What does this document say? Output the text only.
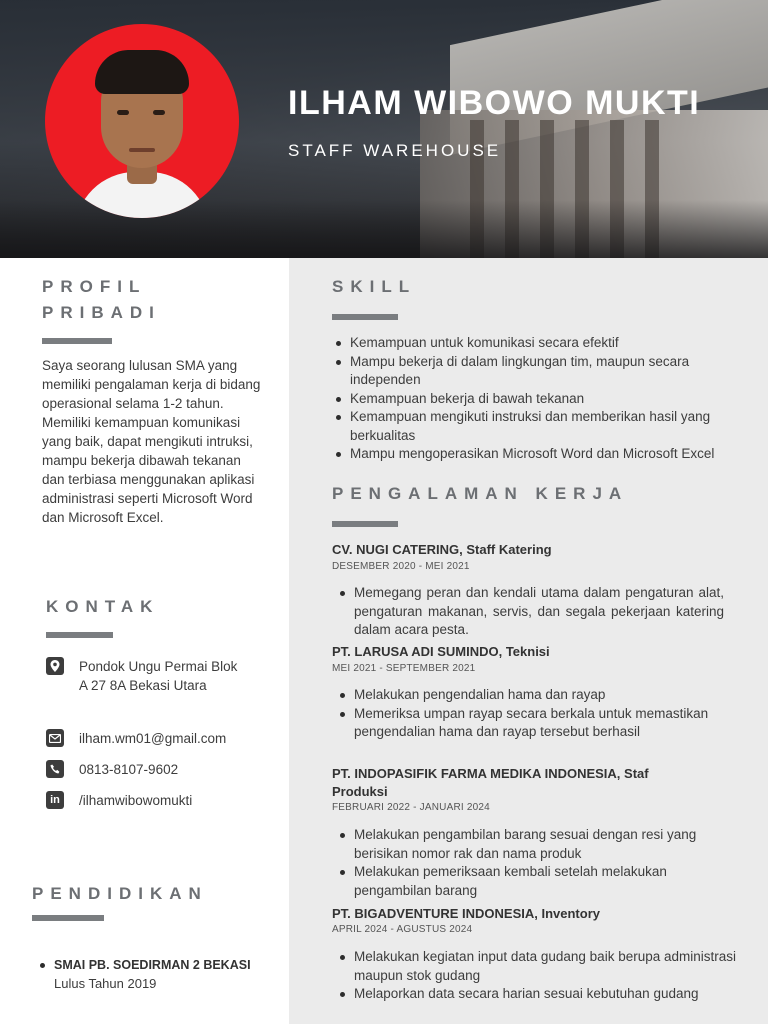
ILHAM WIBOWO MUKTI
STAFF WAREHOUSE
PROFIL
PRIBADI
Saya seorang lulusan SMA yang memiliki pengalaman kerja di bidang operasional selama 1-2 tahun. Memiliki kemampuan komunikasi yang baik, dapat mengikuti intruksi, mampu bekerja dibawah tekanan dan terbiasa menggunakan aplikasi administrasi seperti Microsoft Word dan Microsoft Excel.
KONTAK
Pondok Ungu Permai Blok A 27 8A Bekasi Utara
ilham.wm01@gmail.com
0813-8107-9602
in	/ilhamwibowomukti
PENDIDIKAN
SMAI PB. SOEDIRMAN 2 BEKASI
Lulus Tahun 2019
SKILL
Kemampuan untuk komunikasi secara efektif
Mampu bekerja di dalam lingkungan tim, maupun secara independen
Kemampuan bekerja di bawah tekanan
Kemampuan mengikuti instruksi dan memberikan hasil yang berkualitas
Mampu mengoperasikan Microsoft Word dan Microsoft Excel
PENGALAMAN KERJA
CV. NUGI CATERING, Staff Katering
DESEMBER 2020 - MEI 2021
Memegang peran dan kendali utama dalam pengaturan alat, pengaturan makanan, servis, dan segala pekerjaan katering dalam acara pesta.
PT. LARUSA ADI SUMINDO, Teknisi
MEI 2021 - SEPTEMBER 2021
Melakukan pengendalian hama dan rayap
Memeriksa umpan rayap secara berkala untuk memastikan pengendalian hama dan rayap tersebut berhasil
PT. INDOPASIFIK FARMA MEDIKA INDONESIA, Staf Produksi
FEBRUARI 2022 - JANUARI 2024
Melakukan pengambilan barang sesuai dengan resi yang berisikan nomor rak dan nama produk
Melakukan pemeriksaan kembali setelah melakukan pengambilan barang
PT. BIGADVENTURE INDONESIA, Inventory
APRIL 2024 - AGUSTUS 2024
Melakukan kegiatan input data gudang baik berupa administrasi maupun stok gudang
Melaporkan data secara harian sesuai kebutuhan gudang
